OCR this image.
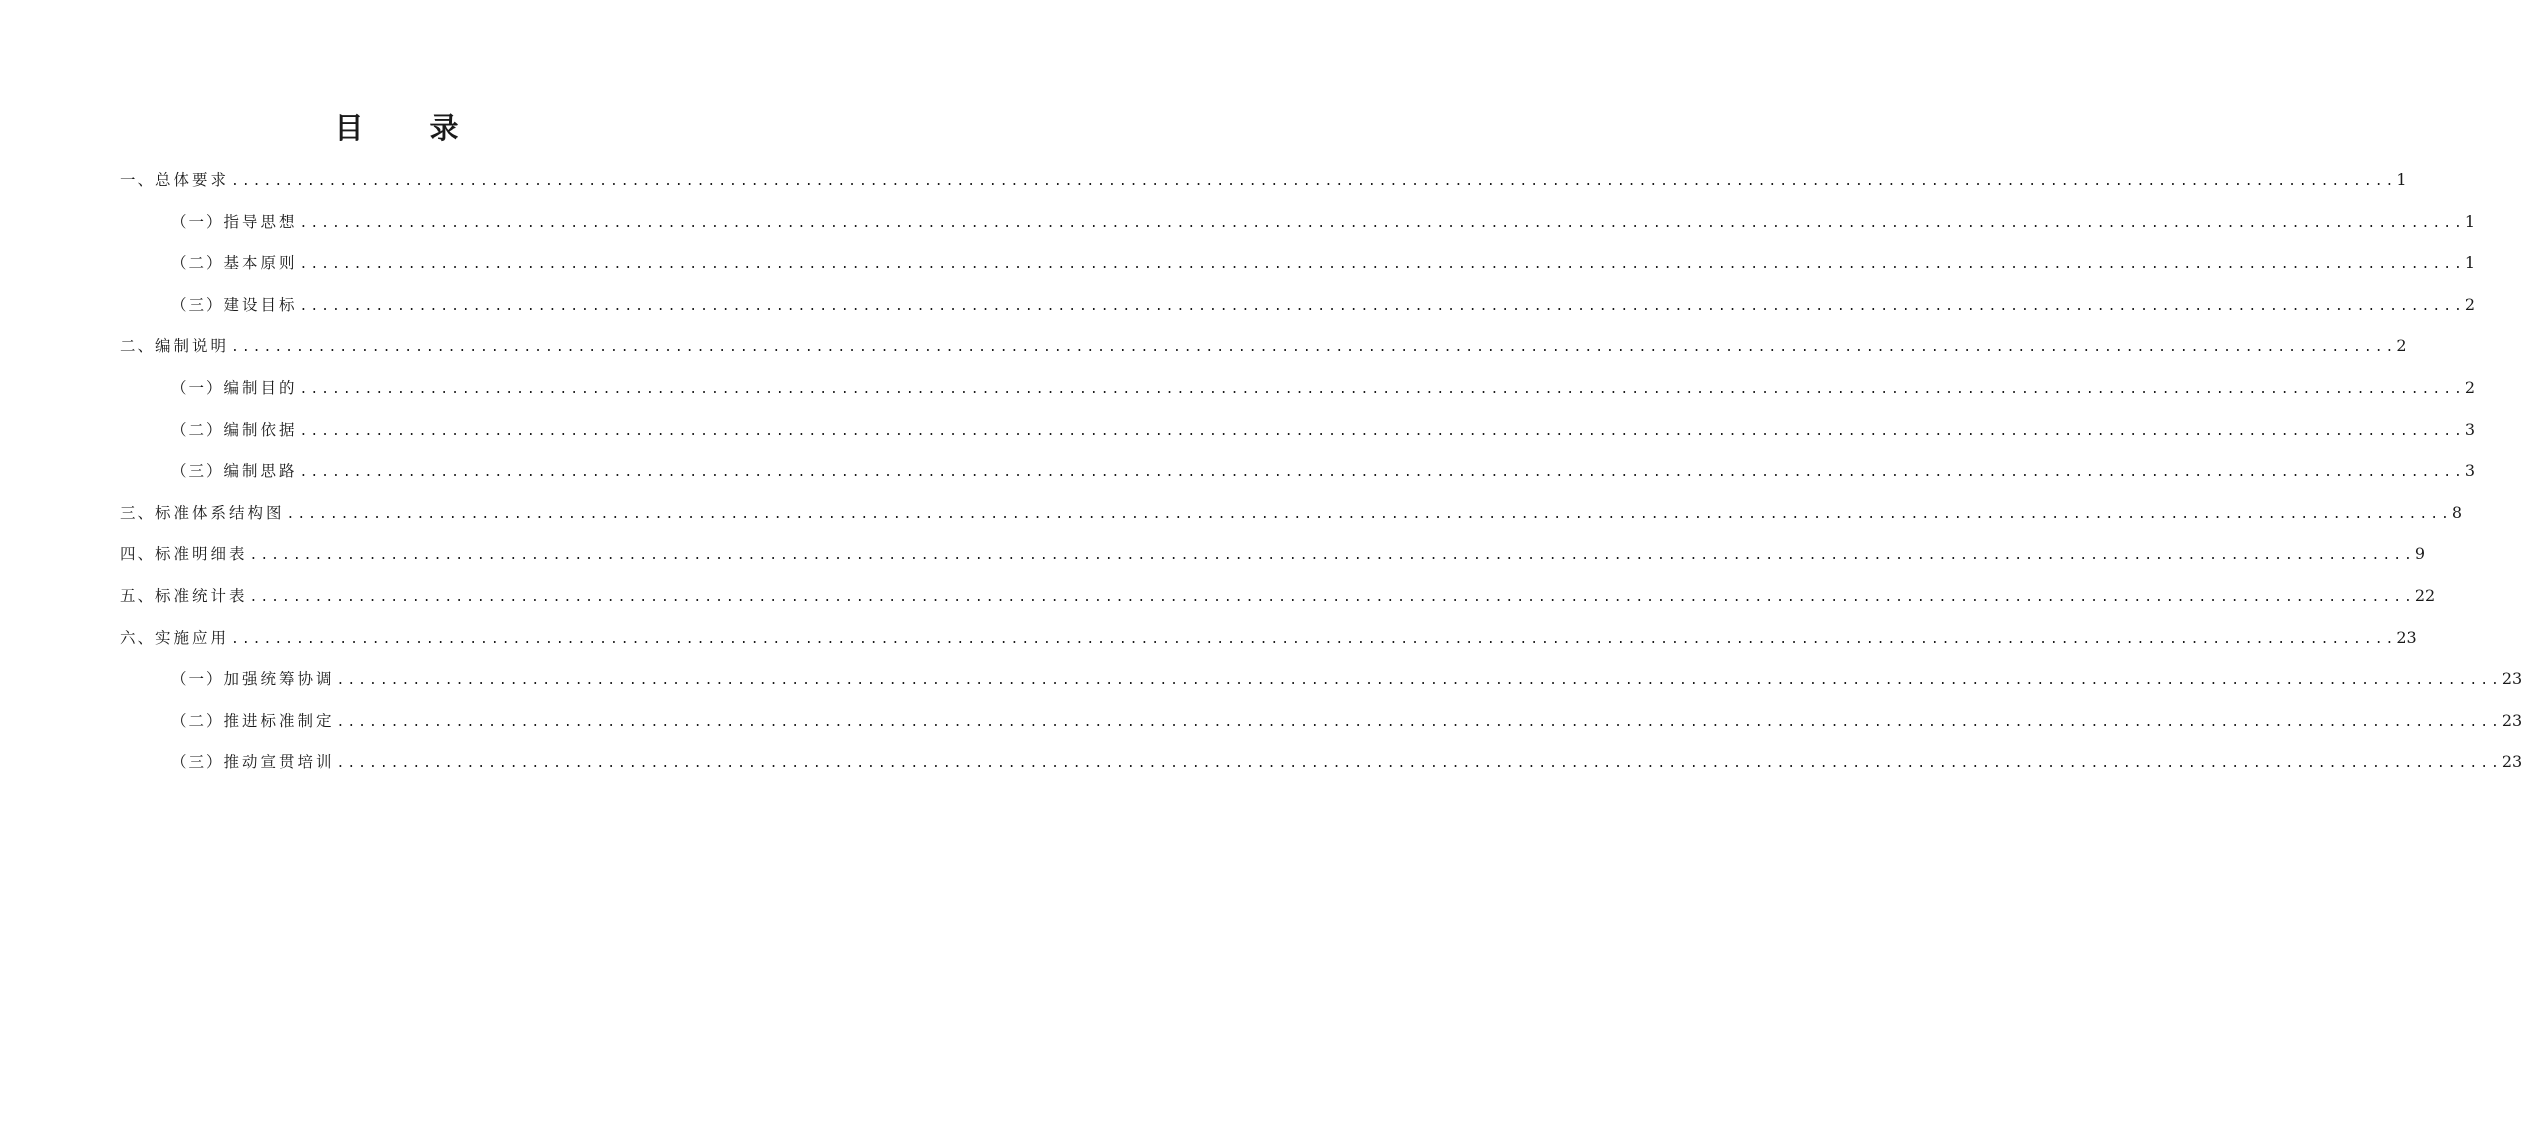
目 录
一、 总体要求 ........................................................................................................................................................................................................ 1
（一） 指导思想 ........................................................................................................................................................................................................ 1
（二） 基本原则 ........................................................................................................................................................................................................ 1
（三） 建设目标 ........................................................................................................................................................................................................ 2
二、 编制说明 ........................................................................................................................................................................................................ 2
（一） 编制目的 ........................................................................................................................................................................................................ 2
（二） 编制依据 ........................................................................................................................................................................................................ 3
（三） 编制思路 ........................................................................................................................................................................................................ 3
三、 标准体系结构图 ........................................................................................................................................................................................................ 8
四、 标准明细表 ........................................................................................................................................................................................................ 9
五、 标准统计表 ........................................................................................................................................................................................................ 22
六、 实施应用 ........................................................................................................................................................................................................ 23
（一） 加强统筹协调 ........................................................................................................................................................................................................ 23
（二） 推进标准制定 ........................................................................................................................................................................................................ 23
（三） 推动宣贯培训 ........................................................................................................................................................................................................ 23
